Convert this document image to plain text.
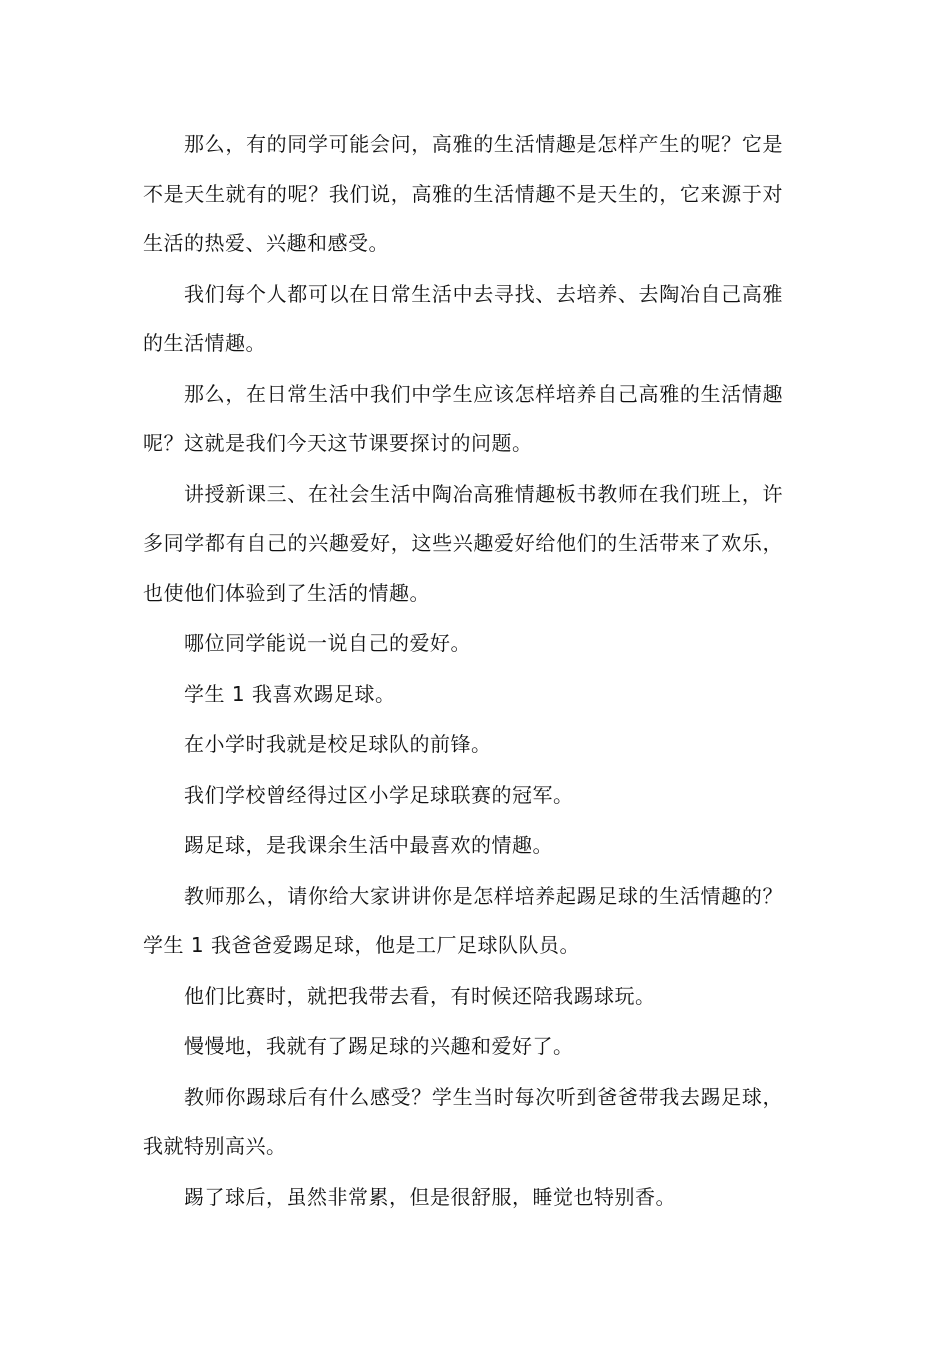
那么，有的同学可能会问，高雅的生活情趣是怎样产生的呢？它是不是天生就有的呢？我们说，高雅的生活情趣不是天生的，它来源于对生活的热爱、兴趣和感受。

我们每个人都可以在日常生活中去寻找、去培养、去陶冶自己高雅的生活情趣。

那么，在日常生活中我们中学生应该怎样培养自己高雅的生活情趣呢？这就是我们今天这节课要探讨的问题。

讲授新课三、在社会生活中陶冶高雅情趣板书教师在我们班上，许多同学都有自己的兴趣爱好，这些兴趣爱好给他们的生活带来了欢乐，也使他们体验到了生活的情趣。

哪位同学能说一说自己的爱好。

学生 1 我喜欢踢足球。

在小学时我就是校足球队的前锋。

我们学校曾经得过区小学足球联赛的冠军。

踢足球，是我课余生活中最喜欢的情趣。

教师那么，请你给大家讲讲你是怎样培养起踢足球的生活情趣的？学生 1 我爸爸爱踢足球，他是工厂足球队队员。

他们比赛时，就把我带去看，有时候还陪我踢球玩。

慢慢地，我就有了踢足球的兴趣和爱好了。

教师你踢球后有什么感受？学生当时每次听到爸爸带我去踢足球，我就特别高兴。

踢了球后，虽然非常累，但是很舒服，睡觉也特别香。
